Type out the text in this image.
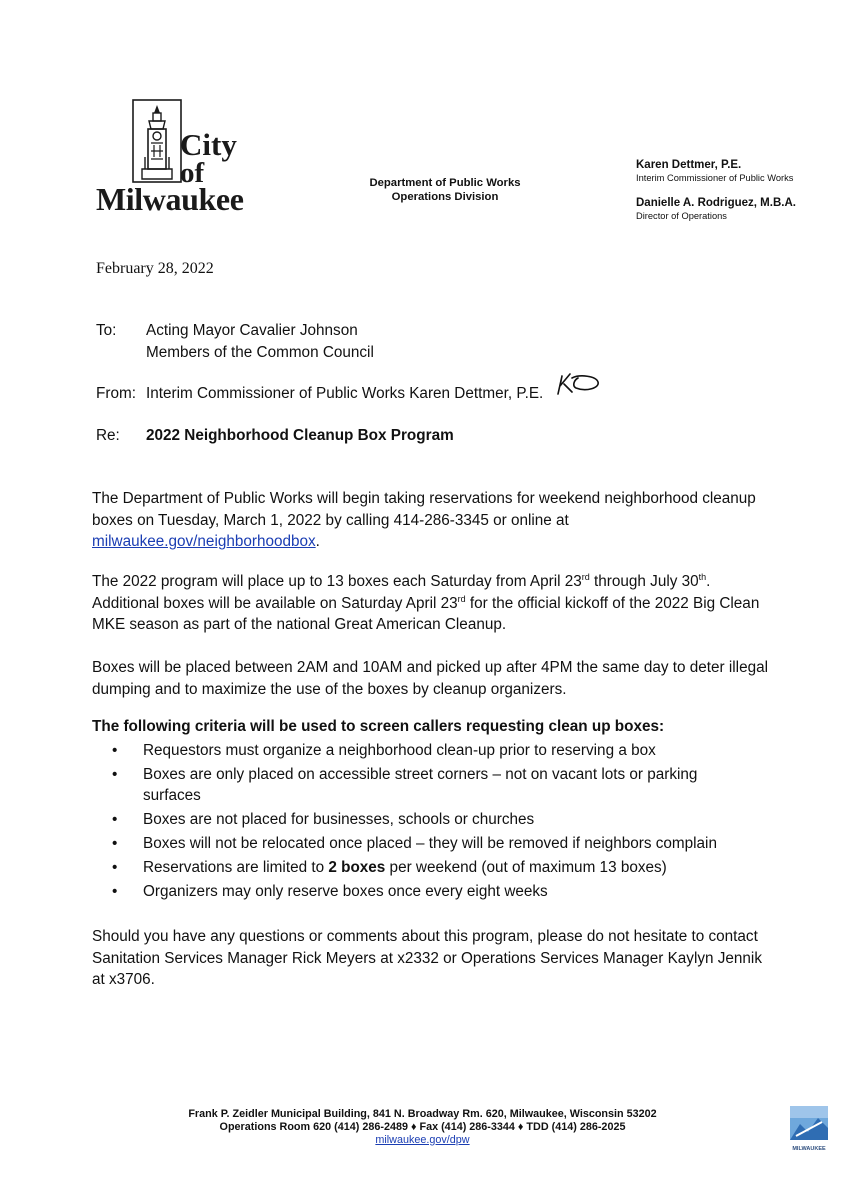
City
of
Milwaukee	Department of Public Works
Operations Division
Karen Dettmer, P.E.
Interim Commissioner of Public Works
Danielle A. Rodriguez, M.B.A.
Director of Operations
February 28, 2022
To: Acting Mayor Cavalier Johnson
Members of the Common Council
From: Interim Commissioner of Public Works Karen Dettmer, P.E.
Re: 2022 Neighborhood Cleanup Box Program
The Department of Public Works will begin taking reservations for weekend neighborhood cleanup boxes on Tuesday, March 1, 2022 by calling 414-286-3345 or online at milwaukee.gov/neighborhoodbox.
The 2022 program will place up to 13 boxes each Saturday from April 23rd through July 30th. Additional boxes will be available on Saturday April 23rd for the official kickoff of the 2022 Big Clean MKE season as part of the national Great American Cleanup.
Boxes will be placed between 2AM and 10AM and picked up after 4PM the same day to deter illegal dumping and to maximize the use of the boxes by cleanup organizers.
The following criteria will be used to screen callers requesting clean up boxes:
• Requestors must organize a neighborhood clean-up prior to reserving a box
• Boxes are only placed on accessible street corners – not on vacant lots or parking surfaces
• Boxes are not placed for businesses, schools or churches
• Boxes will not be relocated once placed – they will be removed if neighbors complain
• Reservations are limited to 2 boxes per weekend (out of maximum 13 boxes)
• Organizers may only reserve boxes once every eight weeks
Should you have any questions or comments about this program, please do not hesitate to contact Sanitation Services Manager Rick Meyers at x2332 or Operations Services Manager Kaylyn Jennik at x3706.
Frank P. Zeidler Municipal Building, 841 N. Broadway Rm. 620, Milwaukee, Wisconsin 53202
Operations Room 620 (414) 286-2489 ♦ Fax (414) 286-3344 ♦ TDD (414) 286-2025
milwaukee.gov/dpw
MILWAUKEE
